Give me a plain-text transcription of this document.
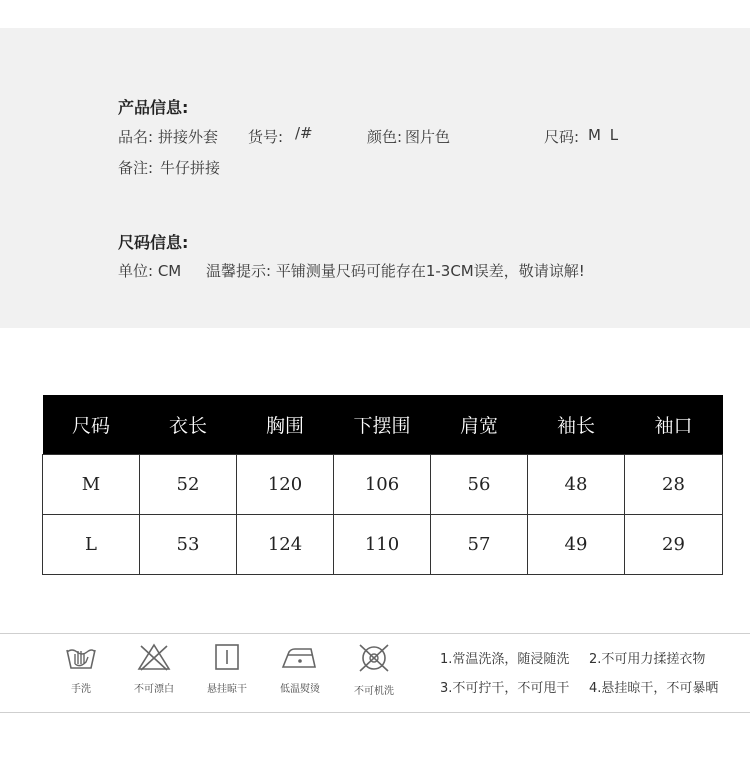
产品信息:
品名: 拼接外套 货号: /#	颜色: 图片色	尺码: M L
备注: 牛仔拼接
尺码信息:
单位: CM 温馨提示: 平铺测量尺码可能存在1-3CM误差，敬请谅解!
尺码	衣长	胸围	下摆围	肩宽	袖长	袖口
M	52	120	106	56	48	28
L	53	124	110	57	49	29
手洗	不可漂白	悬挂晾干	低温熨烫	不可机洗
1.常温洗涤，随浸随洗 2.不可用力揉搓衣物
3.不可拧干，不可甩干 4.悬挂晾干，不可暴晒
